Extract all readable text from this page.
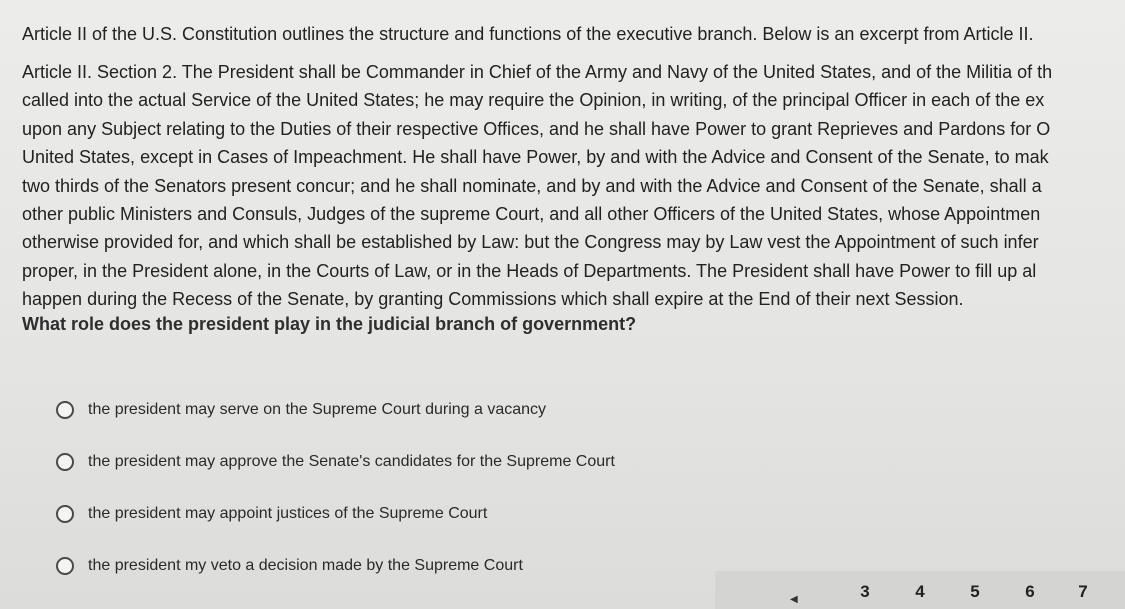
Article II of the U.S. Constitution outlines the structure and functions of the executive branch. Below is an excerpt from Article II.
Article II. Section 2. The President shall be Commander in Chief of the Army and Navy of the United States, and of the Militia of th
called into the actual Service of the United States; he may require the Opinion, in writing, of the principal Officer in each of the ex
upon any Subject relating to the Duties of their respective Offices, and he shall have Power to grant Reprieves and Pardons for O
United States, except in Cases of Impeachment. He shall have Power, by and with the Advice and Consent of the Senate, to mak
two thirds of the Senators present concur; and he shall nominate, and by and with the Advice and Consent of the Senate, shall a
other public Ministers and Consuls, Judges of the supreme Court, and all other Officers of the United States, whose Appointmen
otherwise provided for, and which shall be established by Law: but the Congress may by Law vest the Appointment of such infer
proper, in the President alone, in the Courts of Law, or in the Heads of Departments. The President shall have Power to fill up al
happen during the Recess of the Senate, by granting Commissions which shall expire at the End of their next Session.
What role does the president play in the judicial branch of government?
the president may serve on the Supreme Court during a vacancy
the president may approve the Senate's candidates for the Supreme Court
the president may appoint justices of the Supreme Court
the president my veto a decision made by the Supreme Court
◀	3	4	5	6	7
